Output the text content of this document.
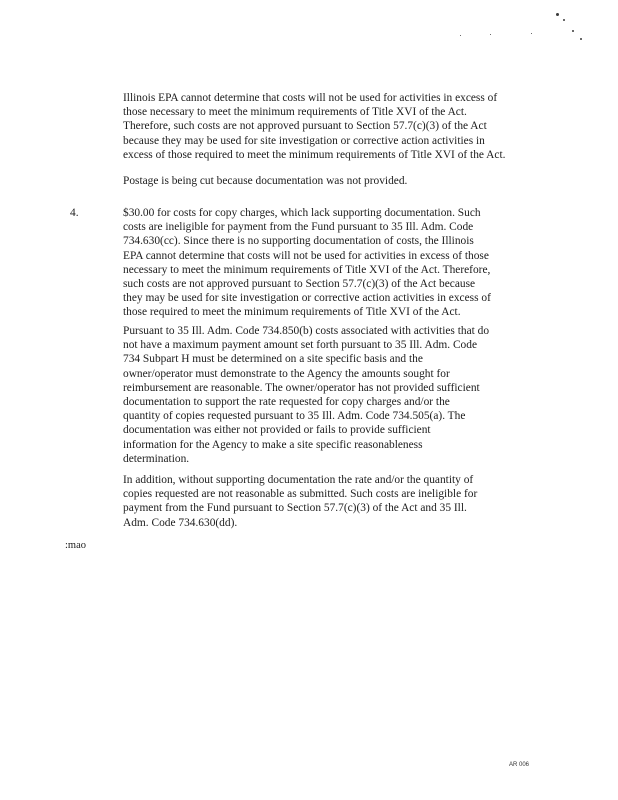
Illinois EPA cannot determine that costs will not be used for activities in excess of
those necessary to meet the minimum requirements of Title XVI of the Act.
Therefore, such costs are not approved pursuant to Section 57.7(c)(3) of the Act
because they may be used for site investigation or corrective action activities in
excess of those required to meet the minimum requirements of Title XVI of the Act.
Postage is being cut because documentation was not provided.
4.	$30.00 for costs for copy charges, which lack supporting documentation. Such
costs are ineligible for payment from the Fund pursuant to 35 Ill. Adm. Code
734.630(cc). Since there is no supporting documentation of costs, the Illinois
EPA cannot determine that costs will not be used for activities in excess of those
necessary to meet the minimum requirements of Title XVI of the Act. Therefore,
such costs are not approved pursuant to Section 57.7(c)(3) of the Act because
they may be used for site investigation or corrective action activities in excess of
those required to meet the minimum requirements of Title XVI of the Act.
Pursuant to 35 Ill. Adm. Code 734.850(b) costs associated with activities that do
not have a maximum payment amount set forth pursuant to 35 Ill. Adm. Code
734 Subpart H must be determined on a site specific basis and the
owner/operator must demonstrate to the Agency the amounts sought for
reimbursement are reasonable. The owner/operator has not provided sufficient
documentation to support the rate requested for copy charges and/or the
quantity of copies requested pursuant to 35 Ill. Adm. Code 734.505(a). The
documentation was either not provided or fails to provide sufficient
information for the Agency to make a site specific reasonableness
determination.
In addition, without supporting documentation the rate and/or the quantity of
copies requested are not reasonable as submitted. Such costs are ineligible for
payment from the Fund pursuant to Section 57.7(c)(3) of the Act and 35 Ill.
Adm. Code 734.630(dd).
:mao
AR 006
